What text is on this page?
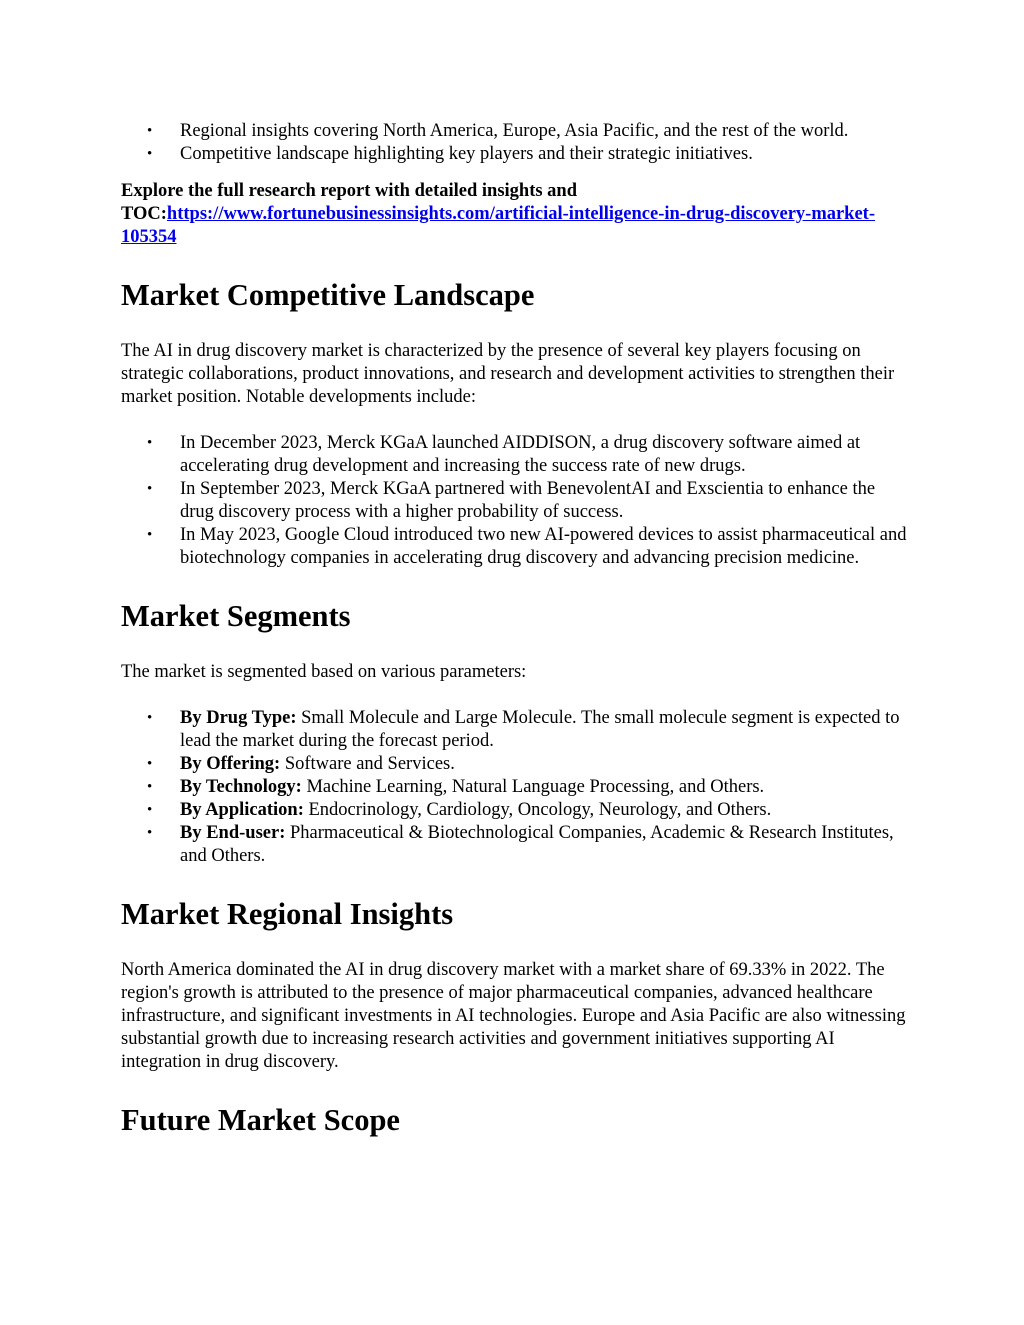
• Regional insights covering North America, Europe, Asia Pacific, and the rest of the world.
• Competitive landscape highlighting key players and their strategic initiatives.

Explore the full research report with detailed insights and TOC:https://www.fortunebusinessinsights.com/artificial-intelligence-in-drug-discovery-market-105354

Market Competitive Landscape

The AI in drug discovery market is characterized by the presence of several key players focusing on strategic collaborations, product innovations, and research and development activities to strengthen their market position. Notable developments include:

• In December 2023, Merck KGaA launched AIDDISON, a drug discovery software aimed at accelerating drug development and increasing the success rate of new drugs.
• In September 2023, Merck KGaA partnered with BenevolentAI and Exscientia to enhance the drug discovery process with a higher probability of success.
• In May 2023, Google Cloud introduced two new AI-powered devices to assist pharmaceutical and biotechnology companies in accelerating drug discovery and advancing precision medicine.
Market Segments

The market is segmented based on various parameters:

• By Drug Type: Small Molecule and Large Molecule. The small molecule segment is expected to lead the market during the forecast period.
• By Offering: Software and Services.
• By Technology: Machine Learning, Natural Language Processing, and Others.
• By Application: Endocrinology, Cardiology, Oncology, Neurology, and Others.
• By End-user: Pharmaceutical & Biotechnological Companies, Academic & Research Institutes, and Others.
Market Regional Insights

North America dominated the AI in drug discovery market with a market share of 69.33% in 2022. The region's growth is attributed to the presence of major pharmaceutical companies, advanced healthcare infrastructure, and significant investments in AI technologies. Europe and Asia Pacific are also witnessing substantial growth due to increasing research activities and government initiatives supporting AI integration in drug discovery.

Future Market Scope
